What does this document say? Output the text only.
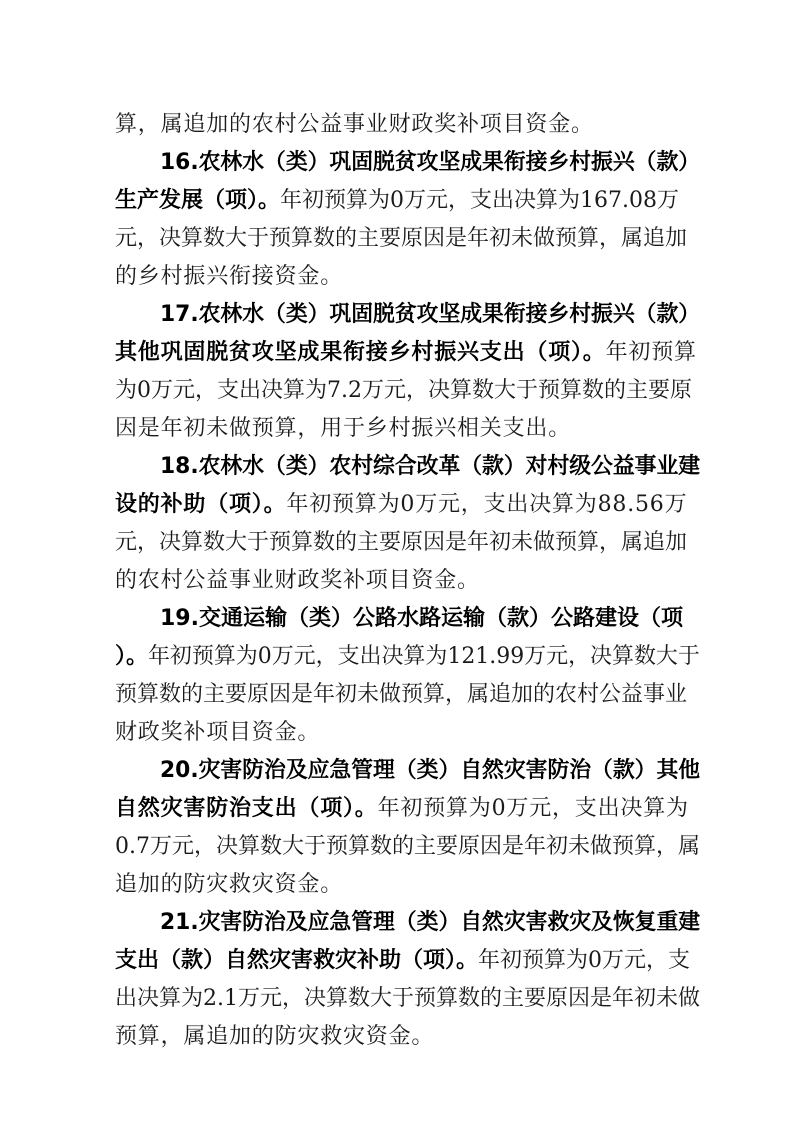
算，属追加的农村公益事业财政奖补项目资金。
16.农林水（类）巩固脱贫攻坚成果衔接乡村振兴（款）
生产发展（项）。年初预算为0万元，支出决算为167.08万
元，决算数大于预算数的主要原因是年初未做预算，属追加
的乡村振兴衔接资金。
17.农林水（类）巩固脱贫攻坚成果衔接乡村振兴（款）
其他巩固脱贫攻坚成果衔接乡村振兴支出（项）。年初预算
为0万元，支出决算为7.2万元，决算数大于预算数的主要原
因是年初未做预算，用于乡村振兴相关支出。
18.农林水（类）农村综合改革（款）对村级公益事业建
设的补助（项）。年初预算为0万元，支出决算为88.56万
元，决算数大于预算数的主要原因是年初未做预算，属追加
的农村公益事业财政奖补项目资金。
19.交通运输（类）公路水路运输（款）公路建设（项
）。年初预算为0万元，支出决算为121.99万元，决算数大于
预算数的主要原因是年初未做预算，属追加的农村公益事业
财政奖补项目资金。
20.灾害防治及应急管理（类）自然灾害防治（款）其他
自然灾害防治支出（项）。年初预算为0万元，支出决算为
0.7万元，决算数大于预算数的主要原因是年初未做预算，属
追加的防灾救灾资金。
21.灾害防治及应急管理（类）自然灾害救灾及恢复重建
支出（款）自然灾害救灾补助（项）。年初预算为0万元，支
出决算为2.1万元，决算数大于预算数的主要原因是年初未做
预算，属追加的防灾救灾资金。
